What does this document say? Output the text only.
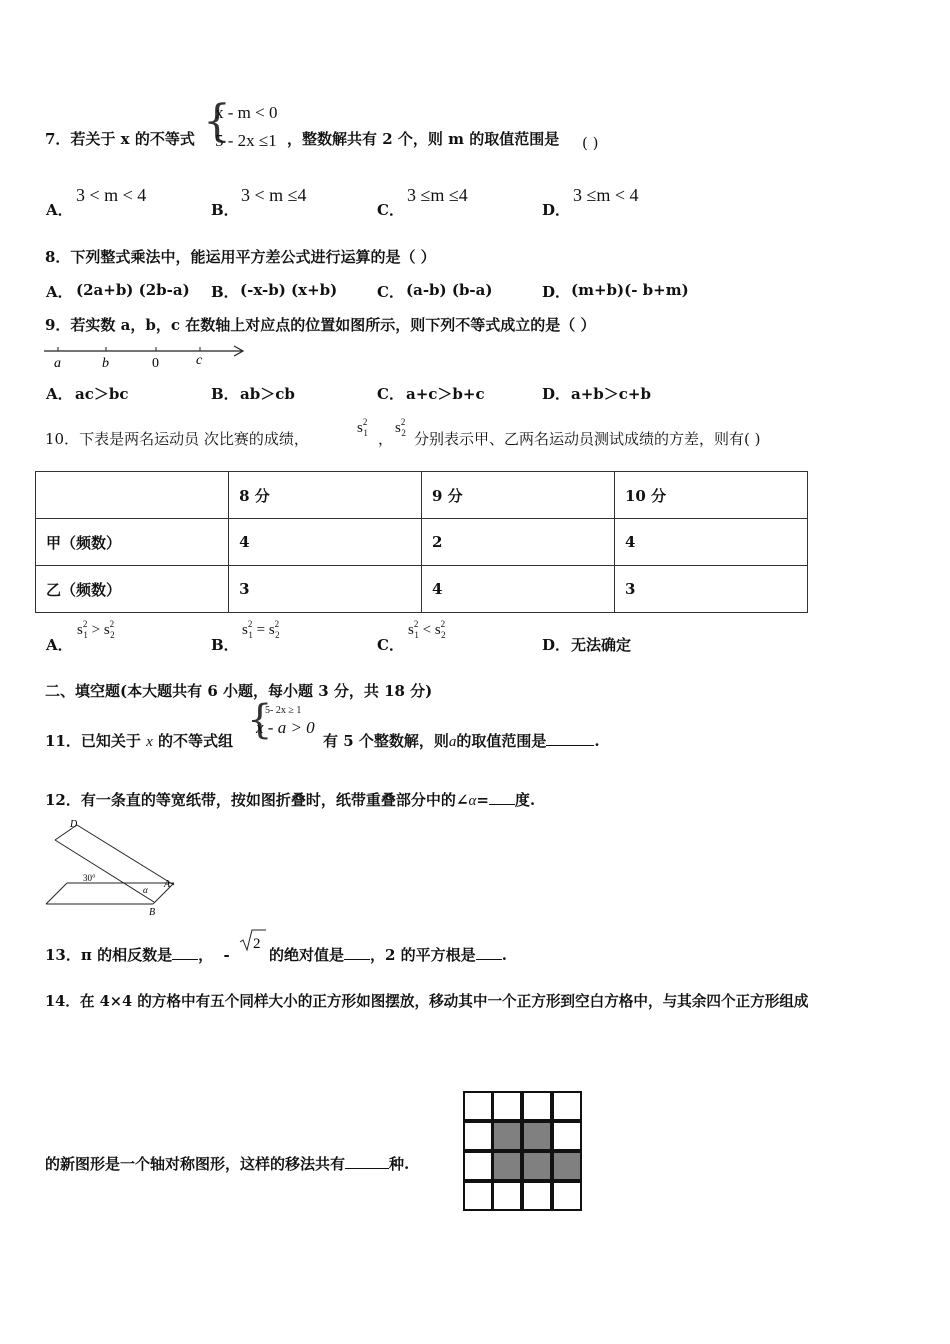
7．若关于 x 的不等式 {
x - m < 0
5 - 2x ≤1 ，整数解共有 2 个，则 m 的取值范围是 ( )
A．
3 < m < 4
B．
3 < m ≤4
C．
3 ≤m ≤4
D．
3 ≤m < 4
8．下列整式乘法中，能运用平方差公式进行运算的是（ ）
A． (2a+b) (2b-a) B． (-x-b) (x+b)	C． (a-b) (b-a)	D． (m+b)(- b+m)
9．若实数 a，b，c 在数轴上对应点的位置如图所示，则下列不等式成立的是（ ）
a	b	0	c
A． ac＞bc	B． ab＞cb	C． a+c＞b+c	D． a+b＞c+b
10．下表是两名运动员 次比赛的成绩，
$s^2_1$ ，
$s^2_2$ 分别表示甲、乙两名运动员测试成绩的方差，则有( )
	8 分	9 分	10 分
甲（频数）	4	2	4
乙（频数）	3	4	3
A．
$s^2_1 > s^2_2$
B．
$s^2_1 = s^2_2$
C．
$s^2_1 < s^2_2$
D． 无法确定
二、填空题(本大题共有 6 小题，每小题 3 分，共 18 分)
11．已知关于 x 的不等式组 {
5- 2x ≥ 1
x - a > 0
有 5 个整数解，则a的取值范围是	.
12．有一条直的等宽纸带，按如图折叠时，纸带重叠部分中的∠α= 度.
D
A
B
30°
α
13．π 的相反数是 ， -
2
的绝对值是 ，2 的平方根是 .
14．在 4×4 的方格中有五个同样大小的正方形如图摆放，移动其中一个正方形到空白方格中，与其余四个正方形组成
的新图形是一个轴对称图形，这样的移法共有	种.
